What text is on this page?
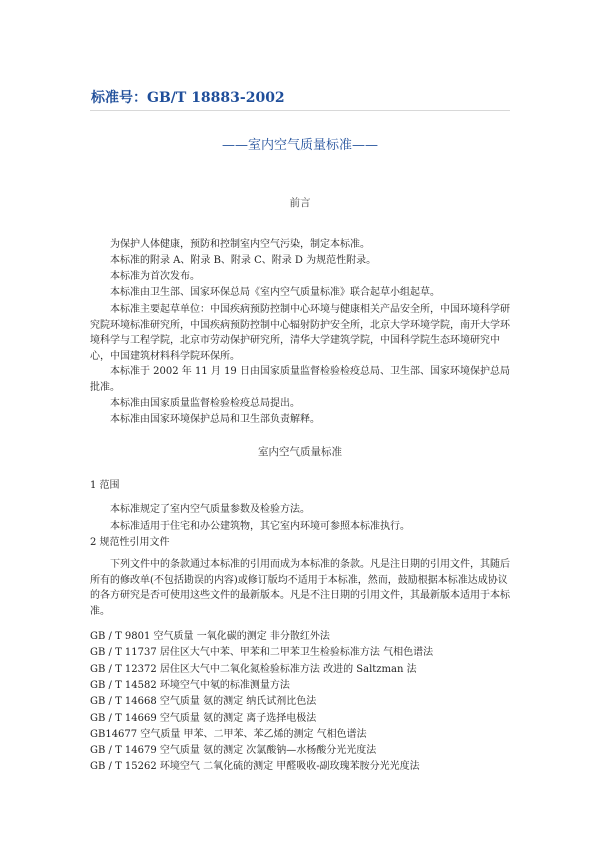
标准号：GB/T 18883-2002
——室内空气质量标准——
前言

为保护人体健康，预防和控制室内空气污染，制定本标准。

本标准的附录 A、附录 B、附录 C、附录 D 为规范性附录。

本标准为首次发布。

本标准由卫生部、国家环保总局《室内空气质量标准》联合起草小组起草。

本标准主要起草单位：中国疾病预防控制中心环境与健康相关产品安全所，中国环境科学研究院环境标准研究所，中国疾病预防控制中心辐射防护安全所，北京大学环境学院，南开大学环境科学与工程学院，北京市劳动保护研究所，清华大学建筑学院，中国科学院生态环境研究中心，中国建筑材料科学院环保所。

本标准于 2002 年 11 月 19 日由国家质量监督检验检疫总局、卫生部、国家环境保护总局批准。

本标准由国家质量监督检验检疫总局提出。

本标准由国家环境保护总局和卫生部负责解释。

室内空气质量标准
1 范围
本标准规定了室内空气质量参数及检验方法。
本标准适用于住宅和办公建筑物，其它室内环境可参照本标准执行。
2 规范性引用文件

下列文件中的条款通过本标准的引用而成为本标准的条款。凡是注日期的引用文件，其随后所有的修改单(不包括勘误的内容)或修订版均不适用于本标准，然而，鼓励根据本标准达成协议的各方研究是否可使用这些文件的最新版本。凡是不注日期的引用文件，其最新版本适用于本标准。

GB / T 9801 空气质量 一氧化碳的测定 非分散红外法
GB / T 11737 居住区大气中苯、甲苯和二甲苯卫生检验标准方法 气相色谱法
GB / T 12372 居住区大气中二氧化氮检验标准方法 改进的 Saltzman 法
GB / T 14582 环境空气中氡的标准测量方法
GB / T 14668 空气质量 氨的测定 纳氏试剂比色法
GB / T 14669 空气质量 氨的测定 离子选择电极法
GB14677 空气质量 甲苯、二甲苯、苯乙烯的测定 气相色谱法
GB / T 14679 空气质量 氨的测定 次氯酸钠—水杨酸分光光度法
GB / T 15262 环境空气 二氧化硫的测定 甲醛吸收-副玫瑰苯胺分光光度法
